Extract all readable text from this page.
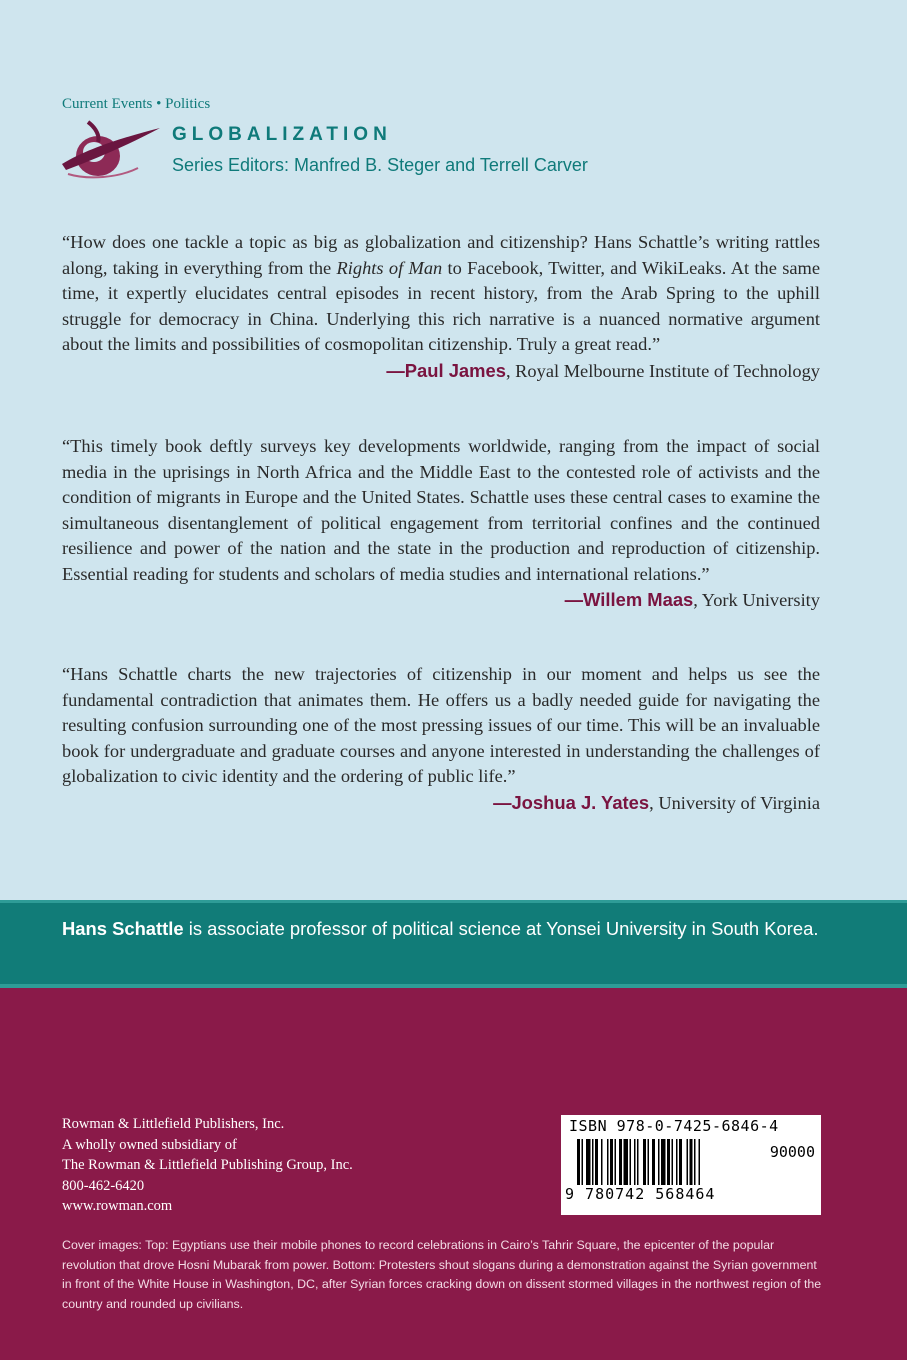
Current Events • Politics
GLOBALIZATION
Series Editors: Manfred B. Steger and Terrell Carver

“How does one tackle a topic as big as globalization and citizenship? Hans Schattle’s writing rattles along, taking in everything from the Rights of Man to Facebook, Twitter, and WikiLeaks. At the same time, it expertly elucidates central episodes in recent history, from the Arab Spring to the uphill struggle for democracy in China. Underlying this rich narrative is a nuanced normative argument about the limits and possibilities of cosmopolitan citizenship. Truly a great read.”

—Paul James, Royal Melbourne Institute of Technology

“This timely book deftly surveys key developments worldwide, ranging from the impact of social media in the uprisings in North Africa and the Middle East to the contested role of activists and the condition of migrants in Europe and the United States. Schattle uses these central cases to examine the simultaneous disentanglement of political engagement from territorial confines and the continued resilience and power of the nation and the state in the production and reproduction of citizenship. Essential reading for students and scholars of media studies and international relations.”

—Willem Maas, York University

“Hans Schattle charts the new trajectories of citizenship in our moment and helps us see the fundamental contradiction that animates them. He offers us a badly needed guide for navigating the resulting confusion surrounding one of the most pressing issues of our time. This will be an invaluable book for undergraduate and graduate courses and anyone interested in understanding the challenges of globalization to civic identity and the ordering of public life.”

—Joshua J. Yates, University of Virginia

Hans Schattle is associate professor of political science at Yonsei University in South Korea.
Rowman & Littlefield Publishers, Inc.
A wholly owned subsidiary of
The Rowman & Littlefield Publishing Group, Inc.
800-462-6420
www.rowman.com
ISBN 978-0-7425-6846-4
90000
9 780742 568464
Cover images: Top: Egyptians use their mobile phones to record celebrations in Cairo’s Tahrir Square, the epicenter of the popular revolution that drove Hosni Mubarak from power. Bottom: Protesters shout slogans during a demonstration against the Syrian government in front of the White House in Washington, DC, after Syrian forces cracking down on dissent stormed villages in the northwest region of the country and rounded up civilians.
